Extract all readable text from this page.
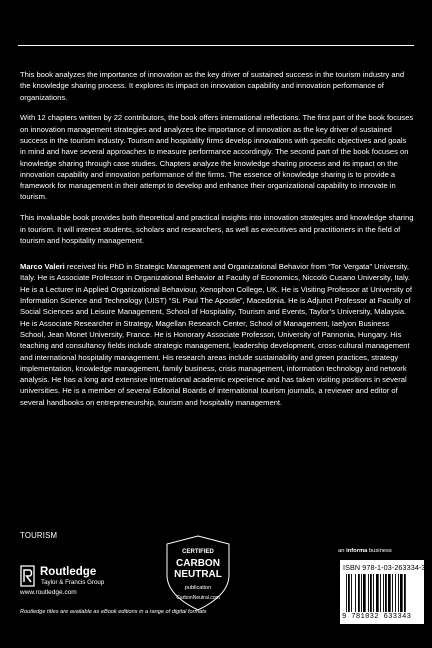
This book analyzes the importance of innovation as the key driver of sustained success in the tourism industry and the knowledge sharing process. It explores its impact on innovation capability and innovation performance of organizations.

With 12 chapters written by 22 contributors, the book offers international reflections. The first part of the book focuses on innovation management strategies and analyzes the importance of innovation as the key driver of sustained success in the tourism industry. Tourism and hospitality firms develop innovations with specific objectives and goals in mind and have several approaches to measure performance accordingly. The second part of the book focuses on knowledge sharing through case studies. Chapters analyze the knowledge sharing process and its impact on the innovation capability and innovation performance of the firms. The essence of knowledge sharing is to provide a framework for management in their attempt to develop and enhance their organizational capability to innovate in tourism.

This invaluable book provides both theoretical and practical insights into innovation strategies and knowledge sharing in tourism. It will interest students, scholars and researchers, as well as executives and practitioners in the field of tourism and hospitality management.

Marco Valeri received his PhD in Strategic Management and Organizational Behavior from “Tor Vergata” University, Italy. He is Associate Professor in Organizational Behavior at Faculty of Economics, Niccolò Cusano University, Italy. He is a Lecturer in Applied Organizational Behaviour, Xenophon College, UK. He is Visiting Professor at University of Information Science and Technology (UIST) “St. Paul The Apostle”, Macedonia. He is Adjunct Professor at Faculty of Social Sciences and Leisure Management, School of Hospitality, Tourism and Events, Taylor’s University, Malaysia. He is Associate Researcher in Strategy, Magellan Research Center, School of Management, Iaelyon Business School, Jean Monet University, France. He is Honorary Associate Professor, University of Pannonia, Hungary. His teaching and consultancy fields include strategic management, leadership development, cross-cultural management and international hospitality management. His research areas include sustainability and green practices, strategy implementation, knowledge management, family business, crisis management, information technology and network analysis. He has a long and extensive international academic experience and has taken visiting positions in several universities. He is a member of several Editorial Boards of international tourism journals, a reviewer and editor of several handbooks on entrepreneurship, tourism and hospitality management.

TOURISM
Routledge
Taylor & Francis Group
www.routledge.com
Routledge titles are available as eBook editions in a range of digital formats
CERTIFIED
CARBON
NEUTRAL
publication
CarbonNeutral.com
an informa business
ISBN 978-1-03-263334-3
9 781032 633343
